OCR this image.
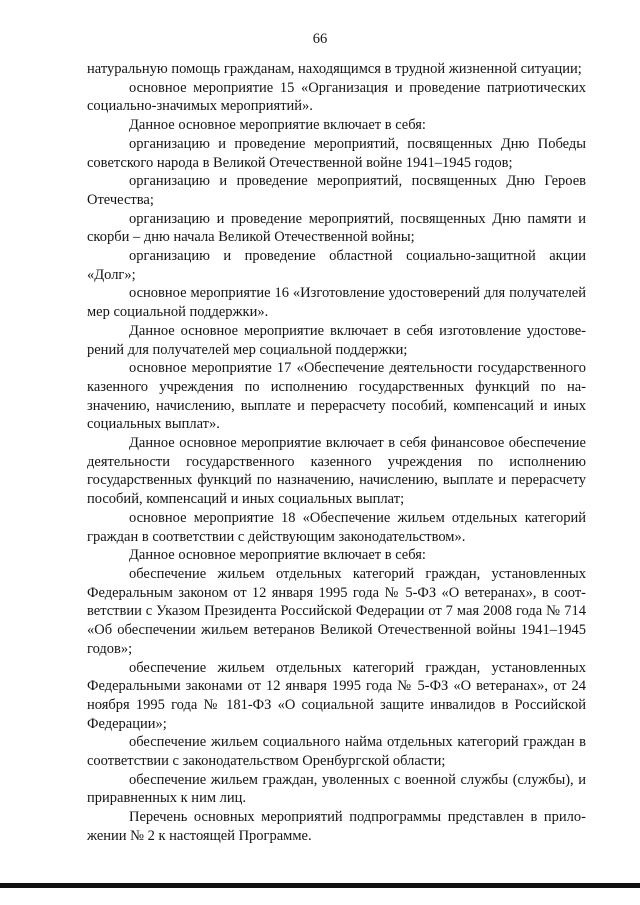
66

натуральную помощь гражданам, находящимся в трудной жизненной ситуации;

основное мероприятие 15 «Организация и проведение патриотических социально-значимых мероприятий».

Данное основное мероприятие включает в себя:

организацию и проведение мероприятий, посвященных Дню Победы советского народа в Великой Отечественной войне 1941–1945 годов;

организацию и проведение мероприятий, посвященных Дню Героев Отечества;

организацию и проведение мероприятий, посвященных Дню памяти и скорби – дню начала Великой Отечественной войны;

организацию и проведение областной социально-защитной акции «Долг»;

основное мероприятие 16 «Изготовление удостоверений для получателей мер социальной поддержки».

Данное основное мероприятие включает в себя изготовление удостоверений для получателей мер социальной поддержки;

основное мероприятие 17 «Обеспечение деятельности государственного казенного учреждения по исполнению государственных функций по назначению, начислению, выплате и перерасчету пособий, компенсаций и иных социальных выплат».

Данное основное мероприятие включает в себя финансовое обеспечение деятельности государственного казенного учреждения по исполнению государственных функций по назначению, начислению, выплате и перерасчету пособий, компенсаций и иных социальных выплат;

основное мероприятие 18 «Обеспечение жильем отдельных категорий граждан в соответствии с действующим законодательством».

Данное основное мероприятие включает в себя:

обеспечение жильем отдельных категорий граждан, установленных Федеральным законом от 12 января 1995 года № 5-ФЗ «О ветеранах», в соответствии с Указом Президента Российской Федерации от 7 мая 2008 года № 714 «Об обеспечении жильем ветеранов Великой Отечественной войны 1941–1945 годов»;

обеспечение жильем отдельных категорий граждан, установленных Федеральными законами от 12 января 1995 года № 5-ФЗ «О ветеранах», от 24 ноября 1995 года № 181-ФЗ «О социальной защите инвалидов в Российской Федерации»;

обеспечение жильем социального найма отдельных категорий граждан в соответствии с законодательством Оренбургской области;

обеспечение жильем граждан, уволенных с военной службы (службы), и приравненных к ним лиц.

Перечень основных мероприятий подпрограммы представлен в приложении № 2 к настоящей Программе.
